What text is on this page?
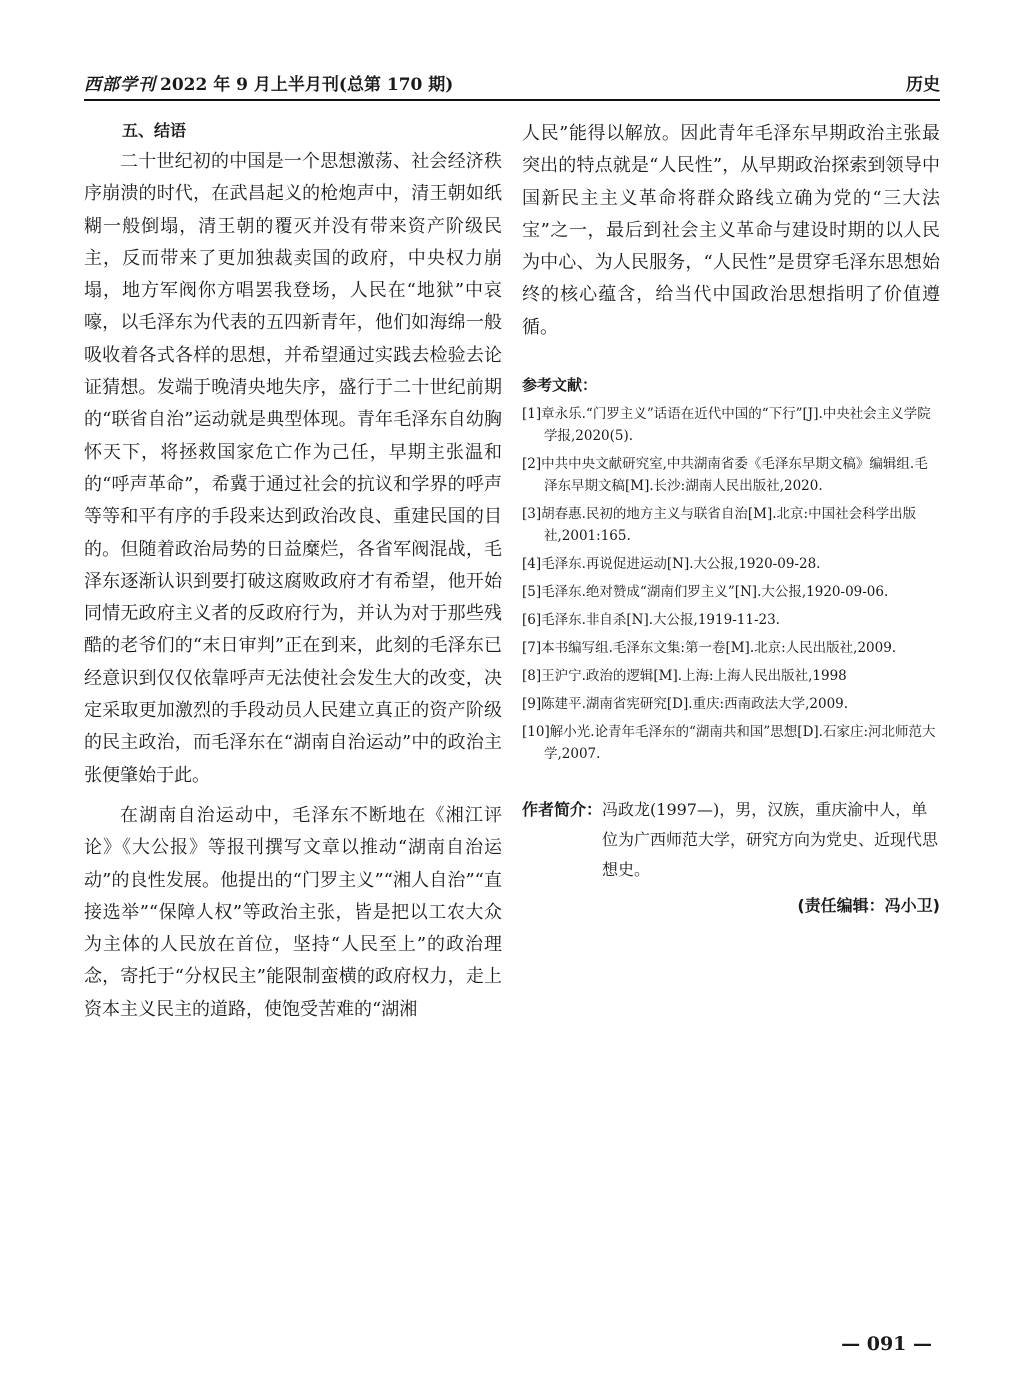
西部学刊 2022 年 9 月上半月刊(总第 170 期)	历史
五、结语

二十世纪初的中国是一个思想激荡、社会经济秩序崩溃的时代，在武昌起义的枪炮声中，清王朝如纸糊一般倒塌，清王朝的覆灭并没有带来资产阶级民主，反而带来了更加独裁卖国的政府，中央权力崩塌，地方军阀你方唱罢我登场，人民在“地狱”中哀嚎，以毛泽东为代表的五四新青年，他们如海绵一般吸收着各式各样的思想，并希望通过实践去检验去论证猜想。发端于晚清央地失序，盛行于二十世纪前期的“联省自治”运动就是典型体现。青年毛泽东自幼胸怀天下，将拯救国家危亡作为己任，早期主张温和的“呼声革命”，希冀于通过社会的抗议和学界的呼声等等和平有序的手段来达到政治改良、重建民国的目的。但随着政治局势的日益糜烂，各省军阀混战，毛泽东逐渐认识到要打破这腐败政府才有希望，他开始同情无政府主义者的反政府行为，并认为对于那些残酷的老爷们的“末日审判”正在到来，此刻的毛泽东已经意识到仅仅依靠呼声无法使社会发生大的改变，决定采取更加激烈的手段动员人民建立真正的资产阶级的民主政治，而毛泽东在“湖南自治运动”中的政治主张便肇始于此。

在湖南自治运动中，毛泽东不断地在《湘江评论》《大公报》等报刊撰写文章以推动“湖南自治运动”的良性发展。他提出的“门罗主义”“湘人自治”“直接选举”“保障人权”等政治主张，皆是把以工农大众为主体的人民放在首位，坚持“人民至上”的政治理念，寄托于“分权民主”能限制蛮横的政府权力，走上资本主义民主的道路，使饱受苦难的“湖湘

人民”能得以解放。因此青年毛泽东早期政治主张最突出的特点就是“人民性”，从早期政治探索到领导中国新民主主义革命将群众路线立确为党的“三大法宝”之一，最后到社会主义革命与建设时期的以人民为中心、为人民服务，“人民性”是贯穿毛泽东思想始终的核心蕴含，给当代中国政治思想指明了价值遵循。

参考文献：
[1]章永乐.“门罗主义”话语在近代中国的“下行”[J].中央社会主义学院学报,2020(5).
[2]中共中央文献研究室,中共湖南省委《毛泽东早期文稿》编辑组.毛泽东早期文稿[M].长沙:湖南人民出版社,2020.
[3]胡春惠.民初的地方主义与联省自治[M].北京:中国社会科学出版社,2001:165.
[4]毛泽东.再说促进运动[N].大公报,1920-09-28.
[5]毛泽东.绝对赞成“湖南们罗主义”[N].大公报,1920-09-06.
[6]毛泽东.非自杀[N].大公报,1919-11-23.
[7]本书编写组.毛泽东文集:第一卷[M].北京:人民出版社,2009.
[8]王沪宁.政治的逻辑[M].上海:上海人民出版社,1998
[9]陈建平.湖南省宪研究[D].重庆:西南政法大学,2009.
[10]解小光.论青年毛泽东的“湖南共和国”思想[D].石家庄:河北师范大学,2007.
作者简介： 冯政龙(1997—)，男，汉族，重庆渝中人，单位为广西师范大学，研究方向为党史、近现代思想史。
(责任编辑：冯小卫)
— 091 —
